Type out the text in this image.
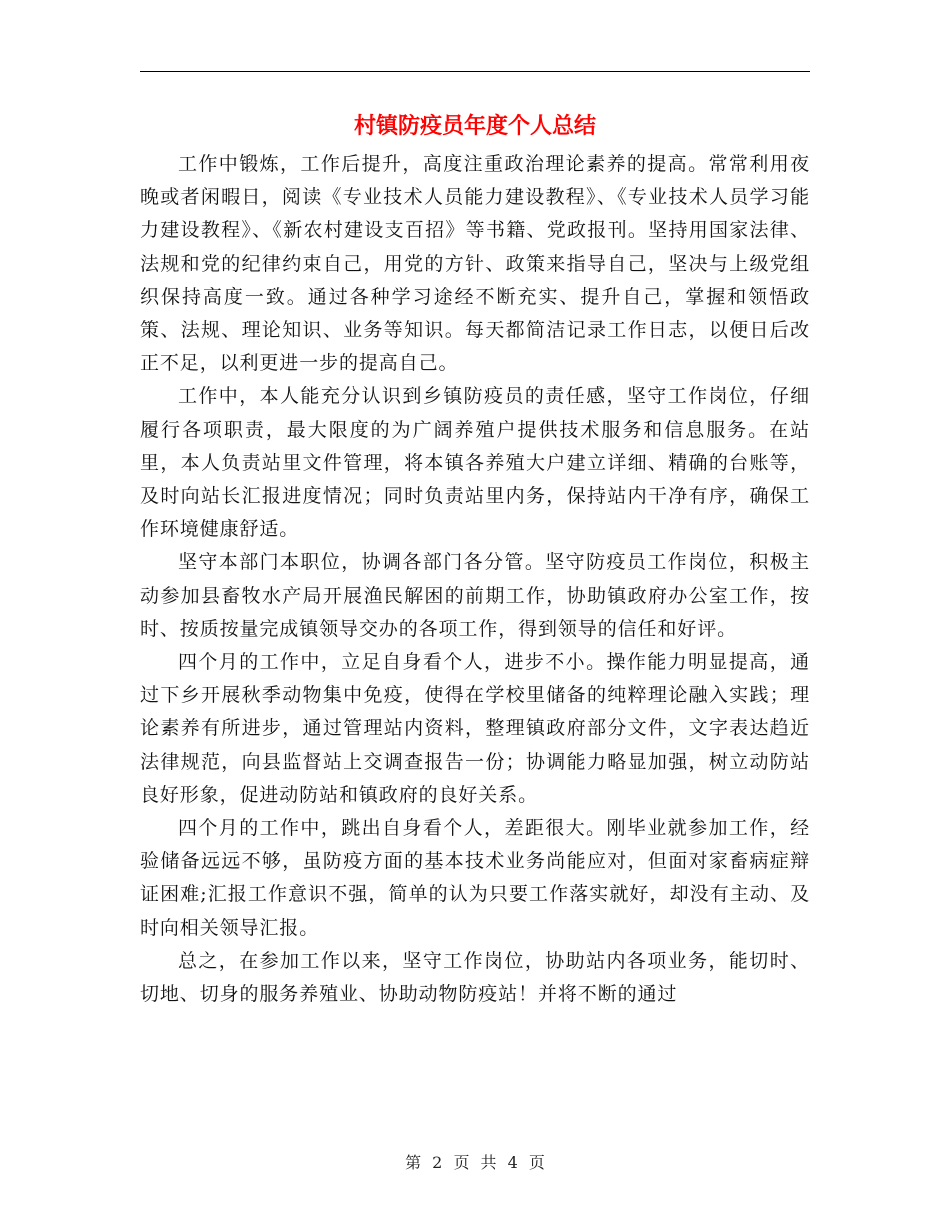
村镇防疫员年度个人总结

工作中锻炼，工作后提升，高度注重政治理论素养的提高。常常利用夜晚或者闲暇日，阅读《专业技术人员能力建设教程》、《专业技术人员学习能力建设教程》、《新农村建设支百招》等书籍、党政报刊。坚持用国家法律、法规和党的纪律约束自己，用党的方针、政策来指导自己，坚决与上级党组织保持高度一致。通过各种学习途经不断充实、提升自己，掌握和领悟政策、法规、理论知识、业务等知识。每天都简洁记录工作日志，以便日后改正不足，以利更进一步的提高自己。

工作中，本人能充分认识到乡镇防疫员的责任感，坚守工作岗位，仔细履行各项职责，最大限度的为广阔养殖户提供技术服务和信息服务。在站里，本人负责站里文件管理，将本镇各养殖大户建立详细、精确的台账等，及时向站长汇报进度情况；同时负责站里内务，保持站内干净有序，确保工作环境健康舒适。

坚守本部门本职位，协调各部门各分管。坚守防疫员工作岗位，积极主动参加县畜牧水产局开展渔民解困的前期工作，协助镇政府办公室工作，按时、按质按量完成镇领导交办的各项工作，得到领导的信任和好评。

四个月的工作中，立足自身看个人，进步不小。操作能力明显提高，通过下乡开展秋季动物集中免疫，使得在学校里储备的纯粹理论融入实践；理论素养有所进步，通过管理站内资料，整理镇政府部分文件，文字表达趋近法律规范，向县监督站上交调查报告一份；协调能力略显加强，树立动防站良好形象，促进动防站和镇政府的良好关系。

四个月的工作中，跳出自身看个人，差距很大。刚毕业就参加工作，经验储备远远不够，虽防疫方面的基本技术业务尚能应对，但面对家畜病症辩证困难;汇报工作意识不强，简单的认为只要工作落实就好，却没有主动、及时向相关领导汇报。

总之，在参加工作以来，坚守工作岗位，协助站内各项业务，能切时、切地、切身的服务养殖业、协助动物防疫站！并将不断的通过

第 2 页 共 4 页
